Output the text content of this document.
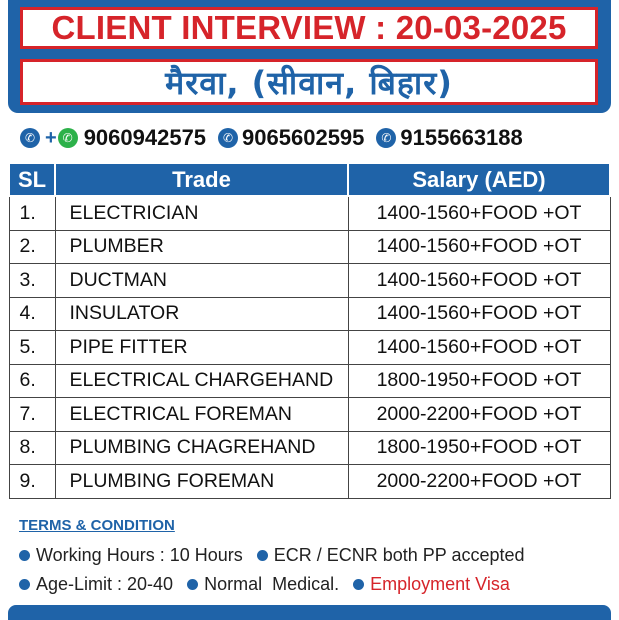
CLIENT INTERVIEW : 20-03-2025
मैरवा, (सीवान, बिहार)
✆ + ✆ 9060942575	✆ 9065602595	✆ 9155663188
SL	Trade	Salary (AED)
1.	ELECTRICIAN	1400-1560+FOOD +OT
2.	PLUMBER	1400-1560+FOOD +OT
3.	DUCTMAN	1400-1560+FOOD +OT
4.	INSULATOR	1400-1560+FOOD +OT
5.	PIPE FITTER	1400-1560+FOOD +OT
6.	ELECTRICAL CHARGEHAND	1800-1950+FOOD +OT
7.	ELECTRICAL FOREMAN	2000-2200+FOOD +OT
8.	PLUMBING CHAGREHAND	1800-1950+FOOD +OT
9.	PLUMBING FOREMAN	2000-2200+FOOD +OT
TERMS & CONDITION
Working Hours : 10 Hours ECR / ECNR both PP accepted
Age-Limit : 20-40 Normal  Medical. Employment Visa
